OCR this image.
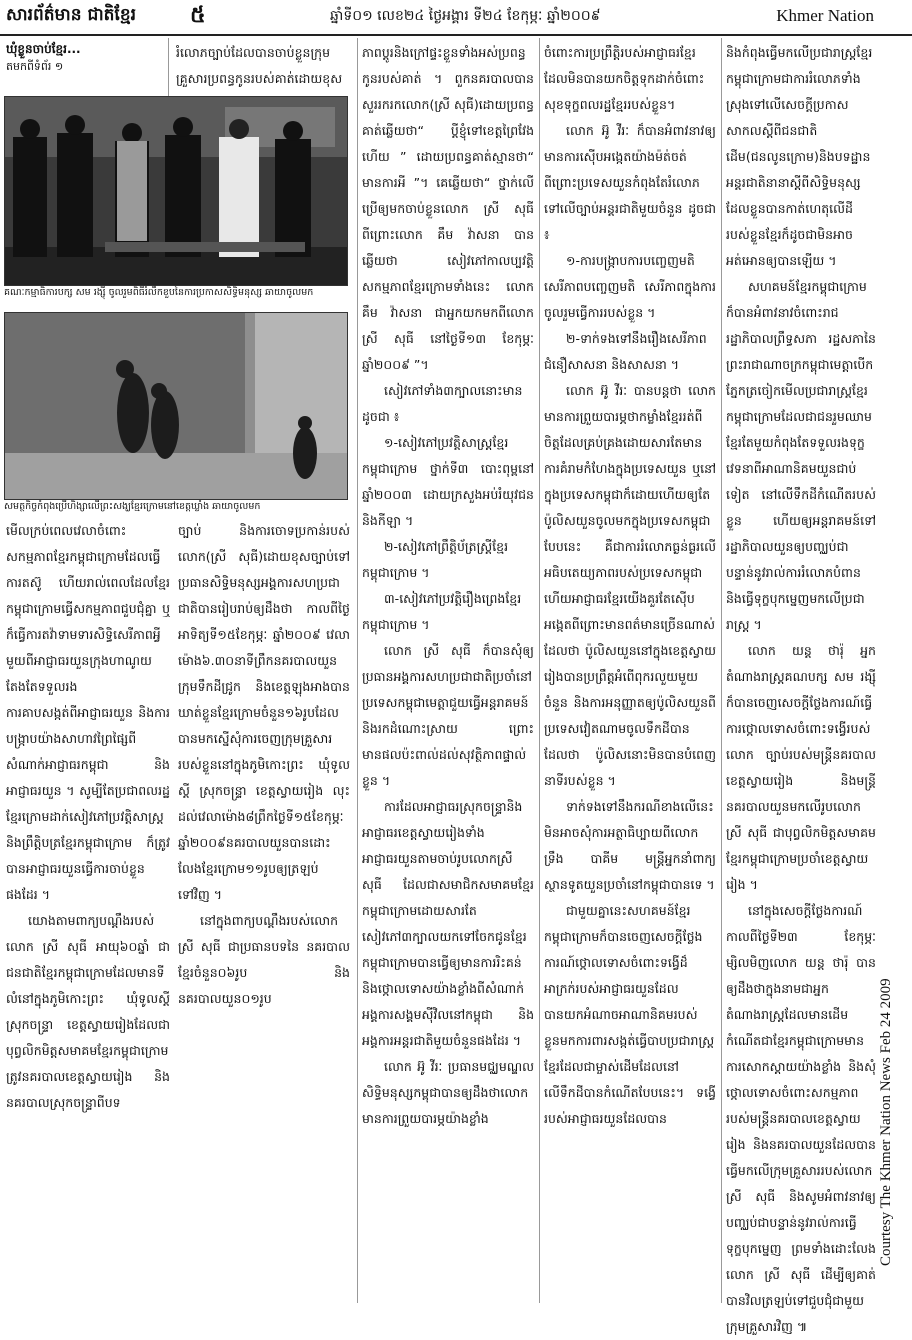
សារព័ត៌មាន ជាតិខ្មែរ ៥	ឆ្នាំទី០១ លេខ២៤ ថ្ងៃអង្គារ ទី២៤ ខែកុម្ភៈ ឆ្នាំ២០០៩	Khmer Nation
ឃុំខ្លួនចាប់ខ្មែរ...
តមកពីទំព័រ ១

រំលោភច្បាប់ដែលបានចាប់ខ្លួនក្រុមគ្រួសារប្រពន្ធកូនរបស់គាត់ដោយខុស

គណៈកម្មាធិការបក្ស សម រង្ស៊ី ចូលរួមពិធីរំលឹកខួបនៃការប្រកាសសិទ្ធិមនុស្ស ឆាយាចូលមក
សមត្ថកិច្ចកំពុងប្រើហិង្សាលើព្រះសង្ឃខ្មែរក្រោមនៅខេត្តឃ្លាំង ឆាយាចូលមក

មើលក្រប់ពេលវេលាចំពោះសកម្មភាពខ្មែរកម្ពុជាក្រោមដែលធ្វើការតស៊ូ ហើយរាល់ពេលដែលខ្មែរកម្ពុជាក្រោមធ្វើសកម្មភាពជួបជុំគ្នា ឬក៏ធ្វើការតវ៉ាទាមទារសិទ្ធិសេរីភាពអ្វីមួយពីអាជ្ញាធរយួនក្រុងហាណូយតែងតែទទួលរងការគាបសង្កត់ពីអាជ្ញាធរយួន និងការបង្ក្រាបយ៉ាងសាហាវព្រៃផ្សៃពីសំណាក់អាជ្ញាធរកម្ពុជា និងអាជ្ញាធរយួន ។ សូម្បីតែប្រជាពលរដ្ឋខ្មែរក្រោមដាក់សៀវភៅប្រវត្តិសាស្ត្រ និងព្រឹត្តិបត្រខ្មែរកម្ពុជាក្រោម ក៏ត្រូវបានអាជ្ញាធរយួនធ្វើការចាប់ខ្លួនផងដែរ ។

យោងតាមពាក្យបណ្តឹងរបស់លោក ស្រី សុធី អាយុ៦០ឆ្នាំ ជាជនជាតិខ្មែរកម្ពុជាក្រោមដែលមានទីលំនៅក្នុងភូមិកោះព្រះ ឃុំទូលស្តី ស្រុកចន្ទ្រា ខេត្តស្វាយរៀងដែលជាបុព្វលិកមិត្តសមាគមខ្មែរកម្ពុជាក្រោមត្រូវនគរបាលខេត្តស្វាយរៀង និងនគរបាលស្រុកចន្ទ្រាពីបទ

ច្បាប់ និងការចោទប្រកាន់របស់លោក(ស្រី សុធី)ដោយខុសច្បាប់ទៅប្រធានសិទ្ធិមនុស្សអង្គការសហប្រជាជាតិបានរៀបរាប់ឲ្យដឹងថា កាលពីថ្ងៃអាទិត្យទី១៥ខែកុម្ភៈ ឆ្នាំ២០០៩ វេលាម៉ោង៦.៣០នាទីព្រឹកនគរបាលយួនក្រុមទឹកដីជ្រូក និងខេត្តឡុងអាងបានឃាត់ខ្លួនខ្មែរក្រោមចំនួន១៦រូបដែលបានមកស្នើសុំការចេញក្រុមគ្រួសាររបស់ខ្លួននៅក្នុងភូមិកោះព្រះ ឃុំទូលស្តី ស្រុកចន្ទ្រា ខេត្តស្វាយរៀង លុះដល់វេលាម៉ោង៨ព្រឹកថ្ងៃទី១៥ខែកុម្ភៈ ឆ្នាំ២០០៩នគរបាលយួនបានដោះលែងខ្មែរក្រោម១១រូបឲ្យត្រឡប់ទៅវិញ ។

នៅក្នុងពាក្យបណ្តឹងរបស់លោកស្រី សុធី ជាប្រធានបទនៃ នគរបាលខ្មែរចំនួន០៦រូប និងនគរបាលយួន០១រូប

ភាពប្តូរនិងក្រៅផ្ទះខ្លួនទាំងអស់ប្រពន្ធកូនរបស់គាត់ ។ ពួកនគរបាលបានសួររករកលោក(ស្រី សុធី)ដោយប្រពន្ធគាត់ឆ្លើយថា“ ប្តីខ្ញុំទៅខេត្តព្រៃវែងហើយ ” ដោយប្រពន្ធគាត់ស្មានថា“ មានការអី ”។ គេឆ្លើយថា“ ថ្នាក់លើប្រើឲ្យមកចាប់ខ្លួនលោក ស្រី សុធី ពីព្រោះលោក គឹម វ៉ាសនា បានឆ្លើយថា សៀវភៅកាលប្បវត្តិសកម្មភាពខ្មែរក្រោមទាំងនេះ លោក គឹម វ៉ាសនា ជាអ្នកយកមកពីលោក ស្រី សុធី នៅថ្ងៃទី១៣ ខែកុម្ភៈ ឆ្នាំ២០០៩ ”។

សៀវភៅទាំង៣ក្បាលនោះមានដូចជា ៖

១-សៀវភៅប្រវត្តិសាស្ត្រខ្មែរកម្ពុជាក្រោម ថ្នាក់ទី៣ បោះពុម្ពនៅឆ្នាំ២០០៣ ដោយក្រសួងអប់រំយុវជន និងកីឡា ។

២-សៀវភៅព្រឹត្តិប័ត្រស្រ្តីខ្មែរកម្ពុជាក្រោម ។

៣-សៀវភៅប្រវត្តិរឿងព្រេងខ្មែរកម្ពុជាក្រោម ។

លោក ស្រី សុធី ក៏បានសុំឲ្យប្រធានអង្គការសហប្រជាជាតិប្រចាំនៅប្រទេសកម្ពុជាមេត្តាជួយធ្វើអន្តរាគមន៍ និងរកដំណោះស្រាយ ព្រោះមានផលប៉ះពាល់ដល់សុវត្ថិភាពផ្ទាល់ខ្លួន ។

ការដែលអាជ្ញាធរស្រុកចន្ទ្រានិងអាជ្ញាធរខេត្តស្វាយរៀងទាំងអាជ្ញាធរយួនតាមចាប់រូបលោកស្រី សុធី ដែលជាសមាជិកសមាគមខ្មែរកម្ពុជាក្រោមដោយសារតែសៀវភៅ៣ក្បាលយកទៅចែកជូនខ្មែរកម្ពុជាក្រោមបានធ្វើឲ្យមានការរិះគន់ និងថ្កោលទោសយ៉ាងខ្លាំងពីសំណាក់អង្គការសង្គមស៊ីវិលនៅកម្ពុជា និងអង្គការអន្តរជាតិមួយចំនួនផងដែរ ។

លោក អ៊ូ វីរៈ ប្រធានមជ្ឈមណ្ឌលសិទ្ធិមនុស្សកម្ពុជាបានឲ្យដឹងថាលោកមានការព្រួយបារម្ភយ៉ាងខ្លាំង

ចំពោះការប្រព្រឹត្តិរបស់អាជ្ញាធរខ្មែរដែលមិនបានយកចិត្តទុកដាក់ចំពោះសុខទុក្ខពលរដ្ឋខ្មែររបស់ខ្លួន។

លោក អ៊ូ វីរៈ ក៏បានអំពាវនាវឲ្យមានការស៊ើបអង្កេតយ៉ាងម៉ត់ចត់ពីព្រោះប្រទេសយួនកំពុងតែរំលោភទៅលើច្បាប់អន្តរជាតិមួយចំនួន ដូចជា ៖

១-ការបង្ក្រាបការបញ្ចេញមតិ សេរីភាពបញ្ចេញមតិ សេរីភាពក្នុងការចូលរួមធ្វើការរបស់ខ្លួន ។

២-ទាក់ទងទៅនឹងរឿងសេរីភាពជំនឿសាសនា និងសាសនា ។

លោក អ៊ូ វីរៈ បានបន្តថា លោកមានការព្រួយបារម្ភថាកម្លាំងខ្មែររត់ពីចិត្តដែលគ្រប់គ្រងដោយសារតែមានការគំរាមកំហែងក្នុងប្រទេសយួន ឬនៅក្នុងប្រទេសកម្ពុជាក៏ដោយហើយឲ្យតែប៉ូលិសយួនចូលមកក្នុងប្រទេសកម្ពុជាបែបនេះ គឺជាការរំលោភធ្ងន់ធ្ងរលើអធិបតេយ្យភាពរបស់ប្រទេសកម្ពុជា ហើយអាជ្ញាធរខ្មែរយើងគួរតែស៊ើបអង្កេតពីព្រោះមានពត៌មានច្រើនណាស់ដែលថា ប៉ូលិសយួននៅក្នុងខេត្តស្វាយរៀងបានប្រព្រឹត្តអំពើពុករលួយមួយចំនួន និងការអនុញ្ញាតឲ្យប៉ូលិសយួនពីប្រទេសវៀតណាមចូលទឹកដីបានដែលថា ប៉ូលិសនោះមិនបានបំពេញនាទីរបស់ខ្លួន ។

ទាក់ទងទៅនឹងករណីខាងលើនេះ មិនអាចសុំការអត្ថាធិប្បាយពីលោក ទ្រឹង បាគីម មន្ត្រីអ្នកនាំពាក្យស្ថានទូតយួនប្រចាំនៅកម្ពុជាបានទេ ។

ជាមួយគ្នានេះសហគមន៍ខ្មែរកម្ពុជាក្រោមក៏បានចេញសេចក្តីថ្លែងការណ៍ថ្កោលទោសចំពោះទង្វើដ៏អាក្រក់របស់អាជ្ញាធរយួនដែលបានយកអំណាចអាណានិគមរបស់ខ្លួនមកការពារសង្កត់ធ្វើបាបប្រជារាស្ត្រខ្មែរដែលជាម្ចាស់ដើមដែលនៅលើទឹកដីបានកំណើតបែបនេះ។ ទង្វើរបស់អាជ្ញាធរយួនដែលបាន

និងកំពុងធ្វើមកលើប្រជារាស្ត្រខ្មែរកម្ពុជាក្រោមជាការរំលោភទាំងស្រុងទៅលើសេចក្តីប្រកាសសាកលស្តីពីជនជាតិដើម(ជនលូនក្រោម)និងបទដ្ឋានអន្តរជាតិនានាស្តីពីសិទ្ធិមនុស្សដែលខ្លួនបានកាត់ហេតុលើដីរបស់ខ្លួនខ្មែរក៏ដូចជាមិនអាចអត់អោនឲ្យបានឡើយ ។

សហគមន៍ខ្មែរកម្ពុជាក្រោមក៏បានអំពាវនាវចំពោះរាជរដ្ឋាភិបាលព្រឹទ្ធសភា រដ្ឋសភានៃព្រះរាជាណាចក្រកម្ពុជាមេត្តាបើកភ្នែកត្រចៀកមើលប្រជារាស្ត្រខ្មែរកម្ពុជាក្រោមដែលជាជនរួមឈាមខ្មែរតែមួយកំពុងតែទទួលរងទុក្ខវេទនាពីអាណានិគមយួនជាប់ទៀត នៅលើទឹកដីកំណើតរបស់ខ្លួន ហើយឲ្យអន្តរាគមន៍ទៅរដ្ឋាភិបាលយួនឲ្យបញ្ឈប់ជាបន្ទាន់នូវរាល់ការរំលោភបំពាន និងធ្វើទុក្ខបុកម្នេញមកលើប្រជារាស្ត្រ ។

លោក យន្ត ថារ៉ុ អ្នកតំណាងរាស្ត្រគណបក្ស សម រង្ស៊ី ក៏បានចេញសេចក្តីថ្លែងការណ៍ធ្វើការថ្កោលទោសចំពោះទង្វើរបស់លោក ច្បាប់របស់មន្ត្រីនគរបាលខេត្តស្វាយរៀង និងមន្ត្រីនគរបាលយួនមកលើរូបលោក ស្រី សុធី ជាបុព្វលិកមិត្តសមាគមខ្មែរកម្ពុជាក្រោមប្រចាំខេត្តស្វាយរៀង ។

នៅក្នុងសេចក្តីថ្លែងការណ៍កាលពីថ្ងៃទី២៣ ខែកុម្ភៈម្សិលមិញលោក យន្ត ថារ៉ុ បានឲ្យដឹងថាក្នុងនាមជាអ្នកតំណាងរាស្ត្រដែលមានដើមកំណើតជាខ្មែរកម្ពុជាក្រោមមានការសោកស្តាយយ៉ាងខ្លាំង និងសុំថ្កោលទោសចំពោះសកម្មភាពរបស់មន្ត្រីនគរបាលខេត្តស្វាយរៀង និងនគរបាលយួនដែលបានធ្វើមកលើក្រុមគ្រួសាររបស់លោក ស្រី សុធី និងសូមអំពាវនាវឲ្យបញ្ឈប់ជាបន្ទាន់នូវរាល់ការធ្វើទុក្ខបុកម្នេញ ព្រមទាំងដោះលែងលោក ស្រី សុធី ដើម្បីឲ្យគាត់បានវិលត្រឡប់ទៅជួបជុំជាមួយក្រុមគ្រួសារវិញ ៕

Courtesy The Khmer Nation News Feb 24 2009
